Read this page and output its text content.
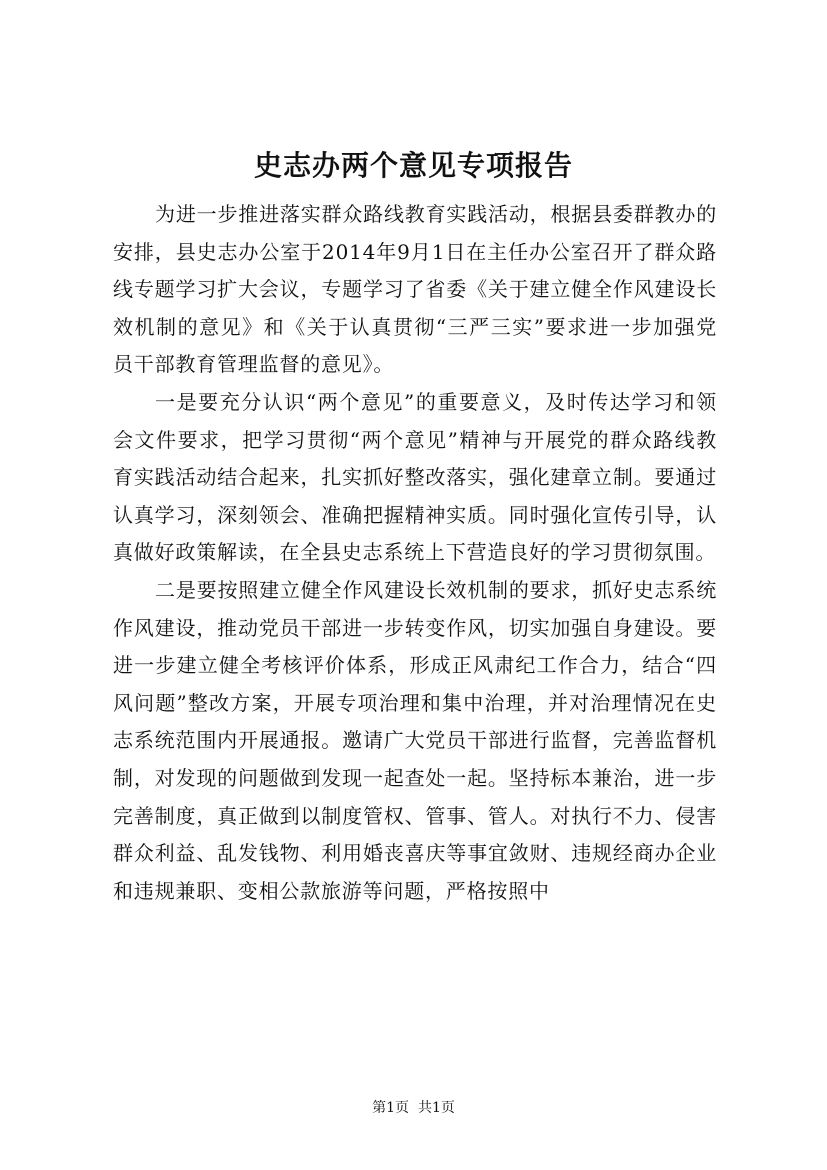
史志办两个意见专项报告

为进一步推进落实群众路线教育实践活动，根据县委群教办的安排，县史志办公室于2014年9月1日在主任办公室召开了群众路线专题学习扩大会议，专题学习了省委《关于建立健全作风建设长效机制的意见》和《关于认真贯彻“三严三实”要求进一步加强党员干部教育管理监督的意见》。

一是要充分认识“两个意见”的重要意义，及时传达学习和领会文件要求，把学习贯彻“两个意见”精神与开展党的群众路线教育实践活动结合起来，扎实抓好整改落实，强化建章立制。要通过认真学习，深刻领会、准确把握精神实质。同时强化宣传引导，认真做好政策解读，在全县史志系统上下营造良好的学习贯彻氛围。

二是要按照建立健全作风建设长效机制的要求，抓好史志系统作风建设，推动党员干部进一步转变作风，切实加强自身建设。要进一步建立健全考核评价体系，形成正风肃纪工作合力，结合“四风问题”整改方案，开展专项治理和集中治理，并对治理情况在史志系统范围内开展通报。邀请广大党员干部进行监督，完善监督机制，对发现的问题做到发现一起查处一起。坚持标本兼治，进一步完善制度，真正做到以制度管权、管事、管人。对执行不力、侵害群众利益、乱发钱物、利用婚丧喜庆等事宜敛财、违规经商办企业和违规兼职、变相公款旅游等问题，严格按照中

第1页  共1页
